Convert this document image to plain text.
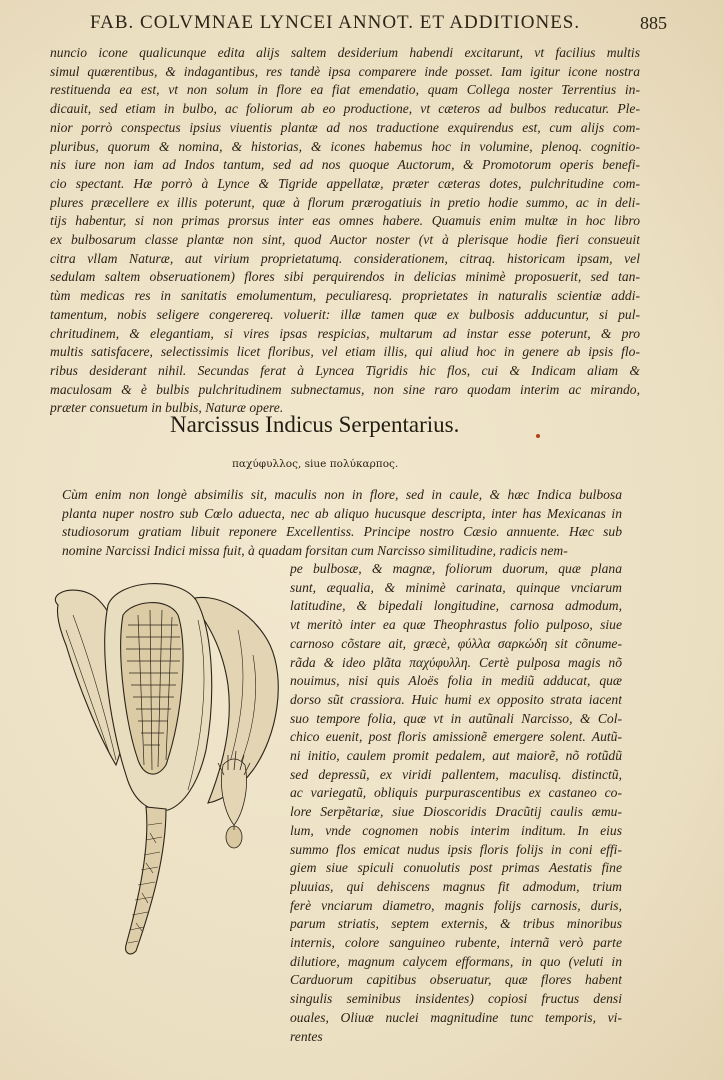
FAB. COLVMNAE LYNCEI ANNOT. ET ADDITIONES.	885
nuncio icone qualicunque edita alijs saltem desiderium habendi excitarunt, vt facilius multis
simul quærentibus, & indagantibus, res tandè ipsa comparere inde posset. Iam igitur icone nostra
restituenda ea est, vt non solum in flore ea fiat emendatio, quam Collega noster Terrentius in-
dicauit, sed etiam in bulbo, ac foliorum ab eo productione, vt cæteros ad bulbos reducatur. Ple-
nior porrò conspectus ipsius viuentis plantæ ad nos traductione exquirendus est, cum alijs com-
pluribus, quorum & nomina, & historias, & icones habemus hoc in volumine, plenoq. cognitio-
nis iure non iam ad Indos tantum, sed ad nos quoque Auctorum, & Promotorum operis benefi-
cio spectant. Hæ porrò à Lynce & Tigride appellatæ, præter cæteras dotes, pulchritudine com-
plures præcellere ex illis poterunt, quæ à florum prærogatiuis in pretio hodie summo, ac in deli-
tijs habentur, si non primas prorsus inter eas omnes habere. Quamuis enim multæ in hoc libro
ex bulbosarum classe plantæ non sint, quod Auctor noster (vt à plerisque hodie fieri consueuit
citra vllam Naturæ, aut virium proprietatumq. considerationem, citraq. historicam ipsam, vel
sedulam saltem obseruationem) flores sibi perquirendos in delicias minimè proposuerit, sed tan-
tùm medicas res in sanitatis emolumentum, peculiaresq. proprietates in naturalis scientiæ addi-
tamentum, nobis seligere congerereq. voluerit: illæ tamen quæ ex bulbosis adducuntur, si pul-
chritudinem, & elegantiam, si vires ipsas respicias, multarum ad instar esse poterunt, & pro
multis satisfacere, selectissimis licet floribus, vel etiam illis, qui aliud hoc in genere ab ipsis flo-
ribus desiderant nihil. Secundas ferat à Lyncea Tigridis hic flos, cui & Indicam aliam &
maculosam & è bulbis pulchritudinem subnectamus, non sine raro quodam interim ac mirando,
præter consuetum in bulbis, Naturæ opere.
Narcissus Indicus Serpentarius.
παχύφυλλος, siue πολύκαρπος.
Cùm enim non longè absimilis sit, maculis non in flore, sed in caule, & hæc Indica bulbosa
planta nuper nostro sub Cœlo aduecta, nec ab aliquo hucusque descripta, inter has Mexicanas in
studiosorum gratiam libuit reponere Excellentiss. Principe nostro Cæsio annuente. Hæc sub
nomine Narcissi Indici missa fuit, à quadam forsitan cum Narcisso similitudine, radicis nem-
pe bulbosæ, & magnæ, foliorum duorum, quæ plana
sunt, æqualia, & minimè carinata, quinque vnciarum
latitudine, & bipedali longitudine, carnosa admodum,
vt meritò inter ea quæ Theophrastus folio pulposo, siue
carnoso cõstare ait, græcè, φύλλα σαρκώδη sit cõnume-
rãda & ideo plãta παχύφυλλη. Certè pulposa magis nõ
nouimus, nisi quis Aloës folia in mediũ adducat, quæ
dorso sũt crassiora. Huic humi ex opposito strata iacent
suo tempore folia, quæ vt in autũnali Narcisso, & Col-
chico euenit, post floris amissionẽ emergere solent. Autũ-
ni initio, caulem promit pedalem, aut maiorẽ, nõ rotũdũ
sed depressũ, ex viridi pallentem, maculisq. distinctũ,
ac variegatũ, obliquis purpurascentibus ex castaneo co-
lore Serpẽtariæ, siue Dioscoridis Dracũtij caulis æmu-
lum, vnde cognomen nobis interim inditum. In eius
summo flos emicat nudus ipsis floris folijs in coni effi-
giem siue spiculi conuolutis post primas Aestatis fine
pluuias, qui dehiscens magnus fit admodum, trium
ferè vnciarum diametro, magnis folijs carnosis, duris,
parum striatis, septem externis, & tribus minoribus
internis, colore sanguineo rubente, internã verò parte
dilutiore, magnum calycem efformans, in quo (veluti in
Carduorum capitibus obseruatur, quæ flores habent
singulis seminibus insidentes) copiosi fructus densi
ouales, Oliuæ nuclei magnitudine tunc temporis, vi-
rentes
